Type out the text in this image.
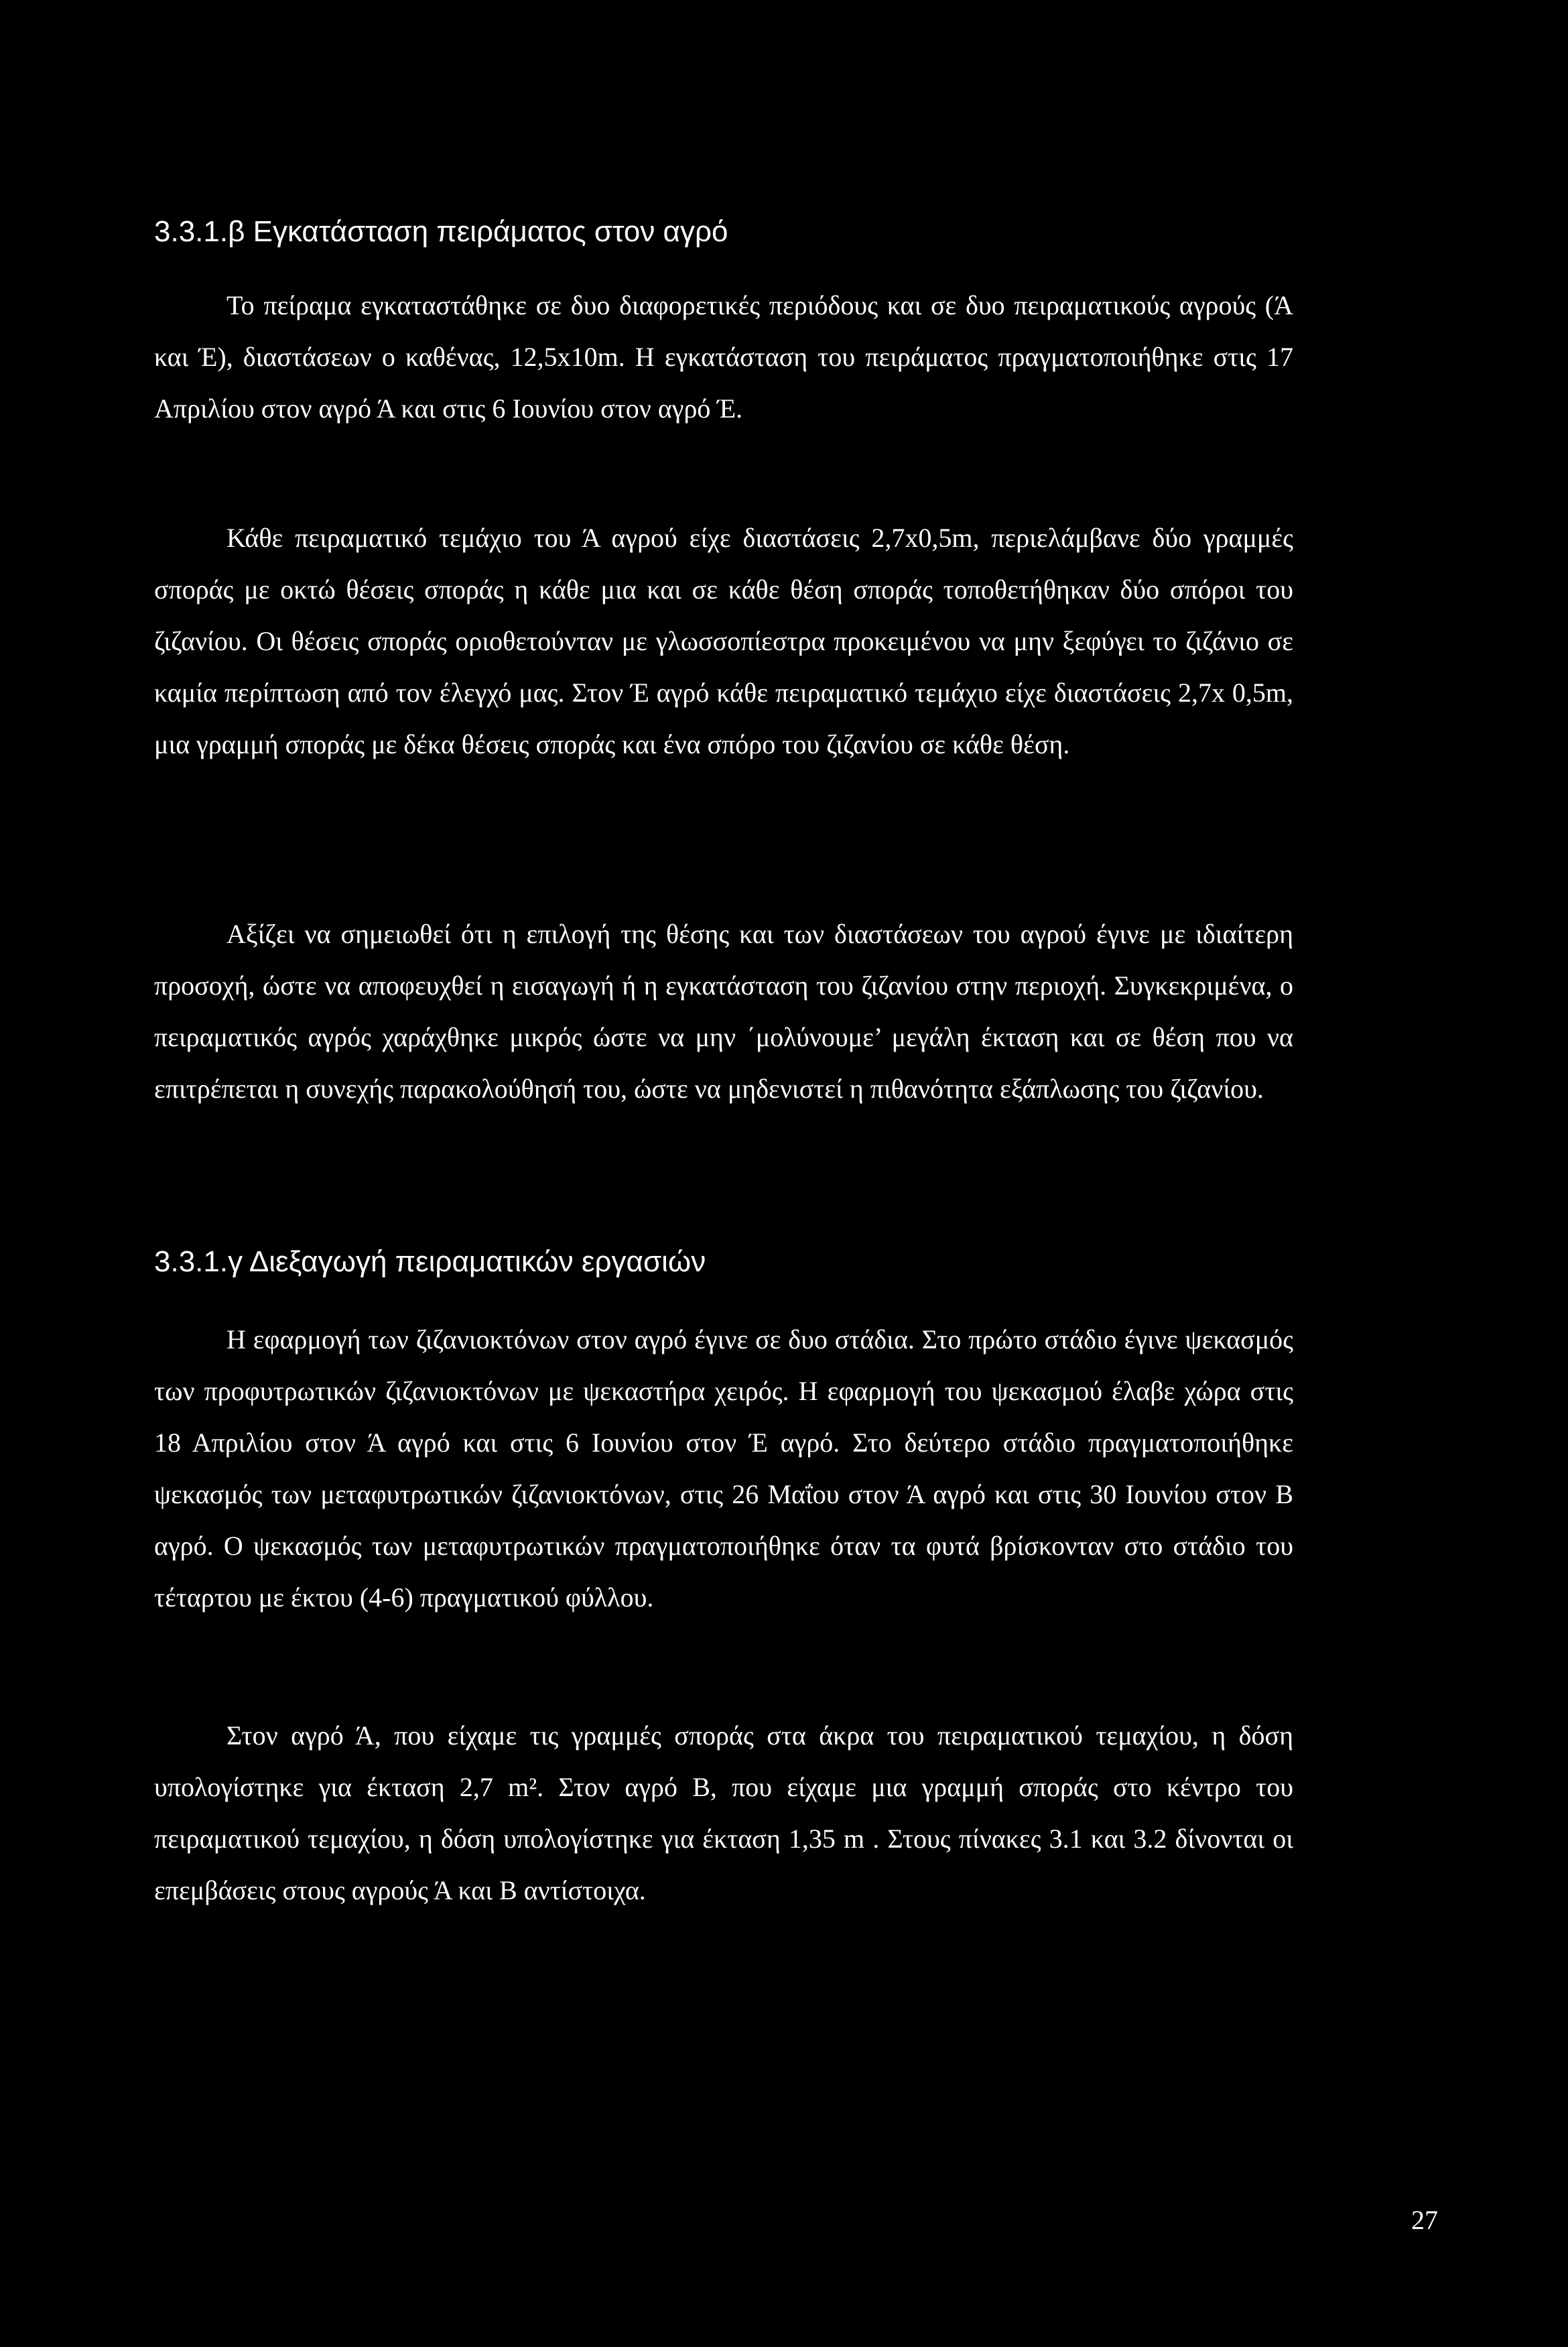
3.3.1.β Εγκατάσταση πειράματος στον αγρό

Το πείραμα εγκαταστάθηκε σε δυο διαφορετικές περιόδους και σε δυο πειραματικούς αγρούς (Ά και Έ), διαστάσεων ο καθένας, 12,5x10m. Η εγκατάσταση του πειράματος πραγματοποιήθηκε στις 17 Απριλίου στον αγρό Ά και στις 6 Ιουνίου στον αγρό Έ.

Κάθε πειραματικό τεμάχιο του Ά αγρού είχε διαστάσεις 2,7x0,5m, περιελάμβανε δύο γραμμές σποράς με οκτώ θέσεις σποράς η κάθε μια και σε κάθε θέση σποράς τοποθετήθηκαν δύο σπόροι του ζιζανίου. Οι θέσεις σποράς οριοθετούνταν με γλωσσοπίεστρα προκειμένου να μην ξεφύγει το ζιζάνιο σε καμία περίπτωση από τον έλεγχό μας. Στον Έ αγρό κάθε πειραματικό τεμάχιο είχε διαστάσεις 2,7x 0,5m, μια γραμμή σποράς με δέκα θέσεις σποράς και ένα σπόρο του ζιζανίου σε κάθε θέση.

Αξίζει να σημειωθεί ότι η επιλογή της θέσης και των διαστάσεων του αγρού έγινε με ιδιαίτερη προσοχή, ώστε να αποφευχθεί η εισαγωγή ή η εγκατάσταση του ζιζανίου στην περιοχή. Συγκεκριμένα, ο πειραματικός αγρός χαράχθηκε μικρός ώστε να μην ΄μολύνουμε’ μεγάλη έκταση και σε θέση που να επιτρέπεται η συνεχής παρακολούθησή του, ώστε να μηδενιστεί η πιθανότητα εξάπλωσης του ζιζανίου.

3.3.1.γ Διεξαγωγή πειραματικών εργασιών

Η εφαρμογή των ζιζανιοκτόνων στον αγρό έγινε σε δυο στάδια. Στο πρώτο στάδιο έγινε ψεκασμός των προφυτρωτικών ζιζανιοκτόνων με ψεκαστήρα χειρός. Η εφαρμογή του ψεκασμού έλαβε χώρα στις 18 Απριλίου στον Ά αγρό και στις 6 Ιουνίου στον Έ αγρό. Στο δεύτερο στάδιο πραγματοποιήθηκε ψεκασμός των μεταφυτρωτικών ζιζανιοκτόνων, στις 26 Μαΐου στον Ά αγρό και στις 30 Ιουνίου στον Β αγρό. Ο ψεκασμός των μεταφυτρωτικών πραγματοποιήθηκε όταν τα φυτά βρίσκονταν στο στάδιο του τέταρτου με έκτου (4-6) πραγματικού φύλλου.

Στον αγρό Ά, που είχαμε τις γραμμές σποράς στα άκρα του πειραματικού τεμαχίου, η δόση υπολογίστηκε για έκταση 2,7 m². Στον αγρό Β, που είχαμε μια γραμμή σποράς στο κέντρο του πειραματικού τεμαχίου, η δόση υπολογίστηκε για έκταση 1,35 m . Στους πίνακες 3.1 και 3.2 δίνονται οι επεμβάσεις στους αγρούς Ά και Β αντίστοιχα.

27
